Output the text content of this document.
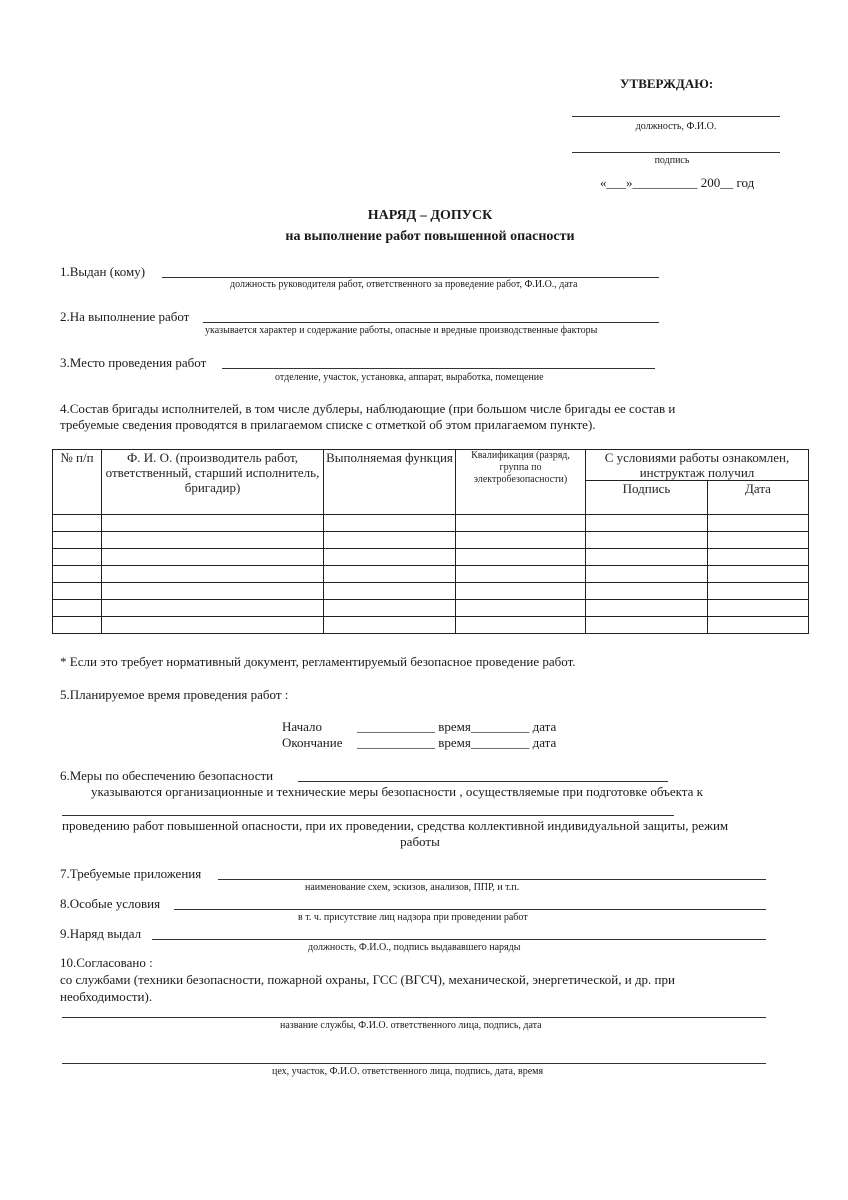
УТВЕРЖДАЮ:
должность, Ф.И.О.
подпись
«___»__________ 200__ год
НАРЯД – ДОПУСК
на выполнение работ повышенной опасности
1.Выдан (кому)
должность руководителя работ, ответственного за проведение работ, Ф.И.О., дата
2.На выполнение работ
указывается характер и содержание работы, опасные и вредные производственные факторы
3.Место проведения работ
отделение, участок, установка, аппарат, выработка, помещение
4.Состав бригады исполнителей, в том числе дублеры, наблюдающие (при большом числе бригады ее состав и
требуемые сведения проводятся в прилагаемом списке с отметкой об этом прилагаемом пункте).
№ п/п	Ф. И. О. (производитель работ, ответственный, старший исполнитель, бригадир)	Выполняемая функция	Квалификация (разряд, группа по электробезопасности)	С условиями работы ознакомлен, инструктаж получил	
				Подпись	Дата

* Если это требует нормативный документ, регламентируемый безопасное проведение работ.
5.Планируемое время проведения работ :
Начало	____________ время_________ дата
Окончание ____________ время_________ дата
6.Меры по обеспечению безопасности
указываются организационные и технические меры безопасности , осуществляемые при подготовке объекта к
проведению работ повышенной опасности, при их проведении, средства коллективной индивидуальной защиты, режим
работы
7.Требуемые приложения
наименование схем, эскизов, анализов, ППР, и т.п.
8.Особые условия
в т. ч. присутствие лиц надзора при проведении работ
9.Наряд выдал
должность, Ф.И.О., подпись выдававшего наряды
10.Согласовано :
со службами (техники безопасности, пожарной охраны, ГСС (ВГСЧ), механической, энергетической, и др. при
необходимости).
название службы, Ф.И.О. ответственного лица, подпись, дата
цех, участок, Ф.И.О. ответственного лица, подпись, дата, время
